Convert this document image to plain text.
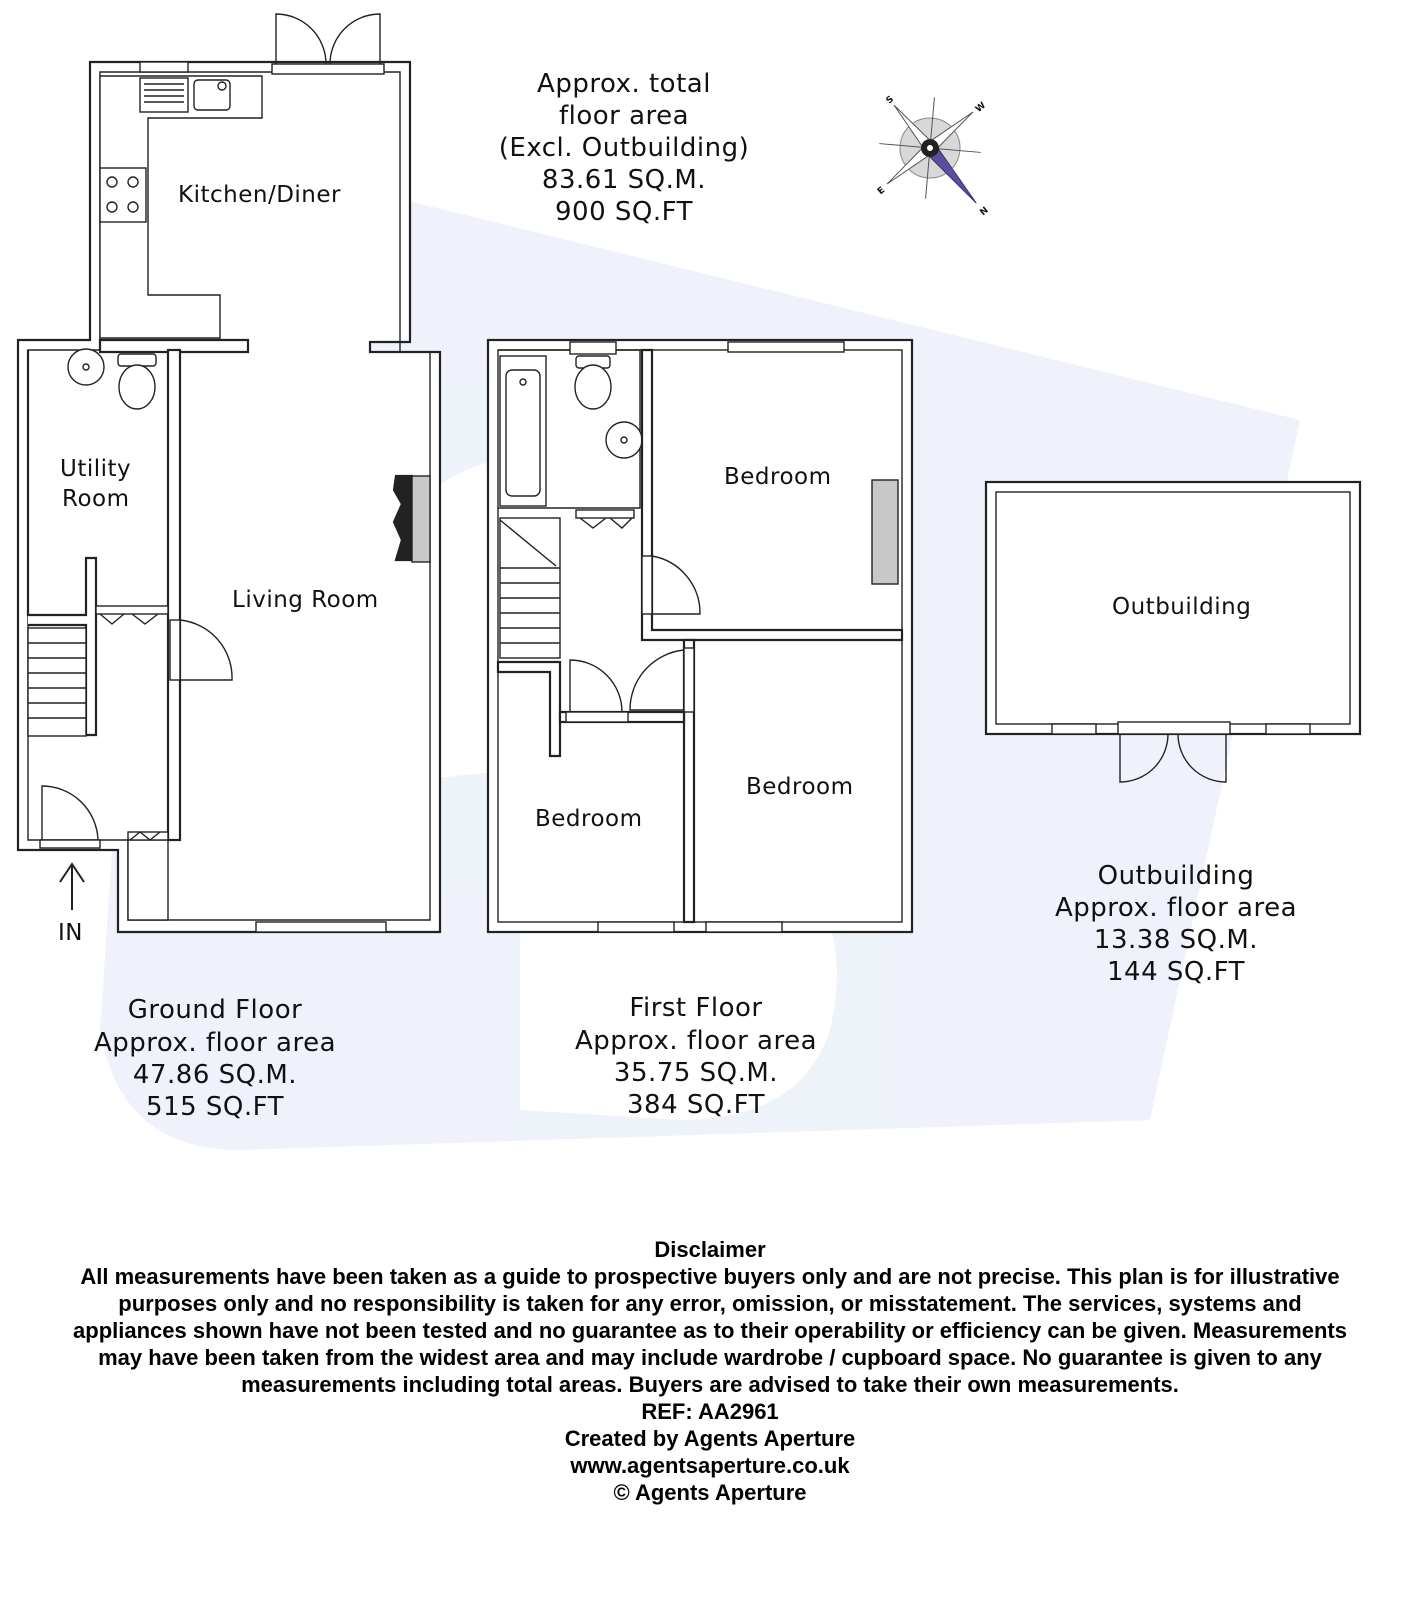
S
N
W
E
Kitchen/Diner
Utility
Room
Living Room
Bedroom
Bedroom
Bedroom
Outbuilding
IN
Approx. total
floor area
(Excl. Outbuilding)
83.61 SQ.M.
900 SQ.FT
Ground Floor
Approx. floor area
47.86 SQ.M.
515 SQ.FT
First Floor
Approx. floor area
35.75 SQ.M.
384 SQ.FT
Outbuilding
Approx. floor area
13.38 SQ.M.
144 SQ.FT
Disclaimer
All measurements have been taken as a guide to prospective buyers only and are not precise. This plan is for illustrative purposes only and no responsibility is taken for any error, omission, or misstatement. The services, systems and appliances shown have not been tested and no guarantee as to their operability or efficiency can be given. Measurements may have been taken from the widest area and may include wardrobe / cupboard space. No guarantee is given to any measurements including total areas. Buyers are advised to take their own measurements.
REF: AA2961
Created by Agents Aperture
www.agentsaperture.co.uk
© Agents Aperture
